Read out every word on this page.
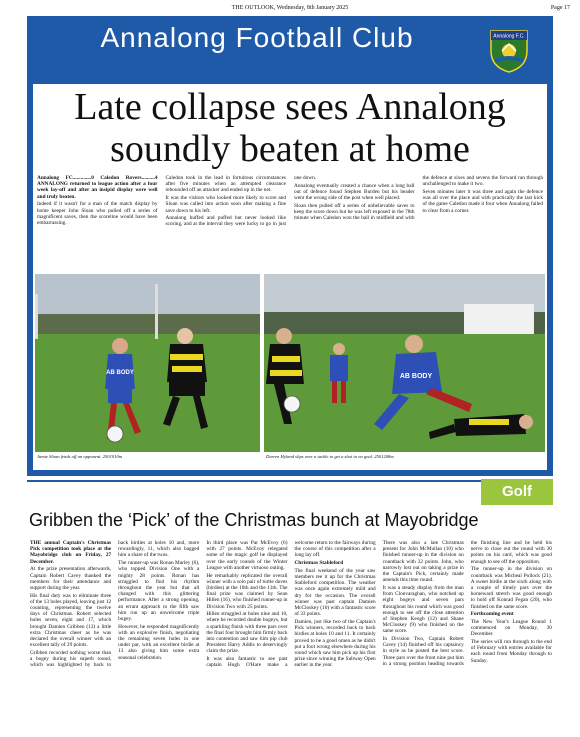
THE OUTLOOK, Wednesday, 8th January 2025	Page 17
Annalong Football Club	Annalong F.C.
Late collapse sees Annalong soundly beaten at home

Annalong FC..............0 Caledon Rovers..........4 ANNALONG returned to league action after a four week lay-off and after an insipid display were well and truly beaten.

Indeed if it wasn't for a man of the match display by home keeper John Sloan who pulled off a series of magnificent saves, then the scoreline would have been embarrassing.

Caledon took in the lead in fortuitous circumstances after five minutes when an attempted clearance rebounded off an attacker and ended up in the net.

It was the visitors who looked more likely to score and Sloan was called into action soon after making a fine save down to his left.

Annalong huffed and puffed but never looked like scoring, and at the interval they were lucky to go in just one down.

Annalong eventually created a chance when a long ball out of defence found Stephen Burden but his header went the wrong side of the post when well placed.

Sloan then pulled off a series of unbelievable saves to keep the score down but he was left exposed in the 78th minute when Caledon won the ball in midfield and with the defence at sixes and sevens the forward ran through unchallenged to make it two.

Seven minutes later it was three and again the defence was all over the place and with practically the last kick of the game Caledon made it four when Annalong failed to clear from a corner.

AB BODY	AB BODY
Jamie Sloan fends off an opponent. 2501010m	Darren Hyland slips over a tackle to get a shot in on goal. 2501208m
Golf
Gribben the ‘Pick’ of the Christmas bunch at Mayobridge

THE annual Captain's Christmas Pick competition took place at the Mayobridge club on Friday, 27 December.

At the prize presentation afterwards, Captain Robert Cavey thanked the members for their attendance and support during the year.

His final duty was to eliminate three of the 13 holes played, leaving just 12 counting, representing the twelve days of Christmas. Robert selected holes seven, eight and 17, which brought Damien Gribben (12) a little extra Christmas cheer as he was declared the overall winner with an excellent tally of 29 points.

Gribben recorded nothing worse than a bogey during his superb round, which was highlighted by back to back birdies at holes 10 and, more rewardingly, 11, which also bagged him a share of the twos.

The runner-up was Ronan Marley (6), who topped Division One with a mighty 28 points. Ronan has struggled to find his rhythm throughout the year but that all changed with this glittering performance. After a strong opening, an errant approach to the fifth saw him run up an unwelcome triple bogey.

However, he responded magnificently with an explosive finish, negotiating the remaining seven holes in one under par, with an excellent birdie at 13 also giving him some extra seasonal celebration.

In third place was Pat McEvoy (6) with 27 points. McEvoy relegated some of the magic golf he displayed over the early rounds of the Winter League with another virtuoso outing.

He remarkably replicated the overall winner with a solo pair of turtle doves (birdies) at the 10th and the 11th. The final prize was claimed by Sean Hillen (16), who finished runner-up in Division Two with 25 points.

Hillen struggled at holes nine and 10, where he recorded double bogeys, but a sparkling finish with three pars over the final four brought him firmly back into contention and saw him pip club President Harry Addis to deservingly claim the prize.

It was also fantastic to see past captain Hugh O'Hare make a welcome return to the fairways during the course of this competition after a long lay off.

Christmas Stableford

The final weekend of the year saw members tee it up for the Christmas Stableford competition. The weather was once again extremely mild and dry for the occasion. The overall winner was past captain Damien McCloskey (10) with a fantastic score of 33 points.

Damien, just like two of the Captain's Pick winners, recorded back to back birdies at holes 10 and 11. It certainly proved to be a good omen as he didn't put a foot wrong elsewhere during his round which saw him pick up his first prize since winning the Subway Open earlier in the year.

There was also a late Christmas present for John McMullan (10) who finished runner-up in the division on countback with 32 points. John, who narrowly lost out on taking a prize in the Captain's Pick, certainly made amends this time round.

It was a steady display from the man from Clonvaraghan, who notched up eight bogeys and seven pars throughout his round which was good enough to see off the close attention of Stephen Keogh (12) and Shane McCloskey (9) who finished on the same score.

In Division Two, Captain Robert Cavey (14) finished off his captaincy in style as he posted the best score. Three pars over the front nine put him in a strong position heading towards the finishing line and he held his nerve to close out the round with 30 points on his card, which was good enough to see off the opposition.

The runner-up in the division on countback was Micheal Pollock (21). A sweet birdie at the sixth along with a couple of timely pars over the homeward stretch was good enough to hold off Konrad Fegan (20), who finished on the same score.

Forthcoming event

The New Year's League Round 1 commenced on Monday, 30 December.

The series will run through to the end of February with entries available for each round from Monday through to Sunday.
